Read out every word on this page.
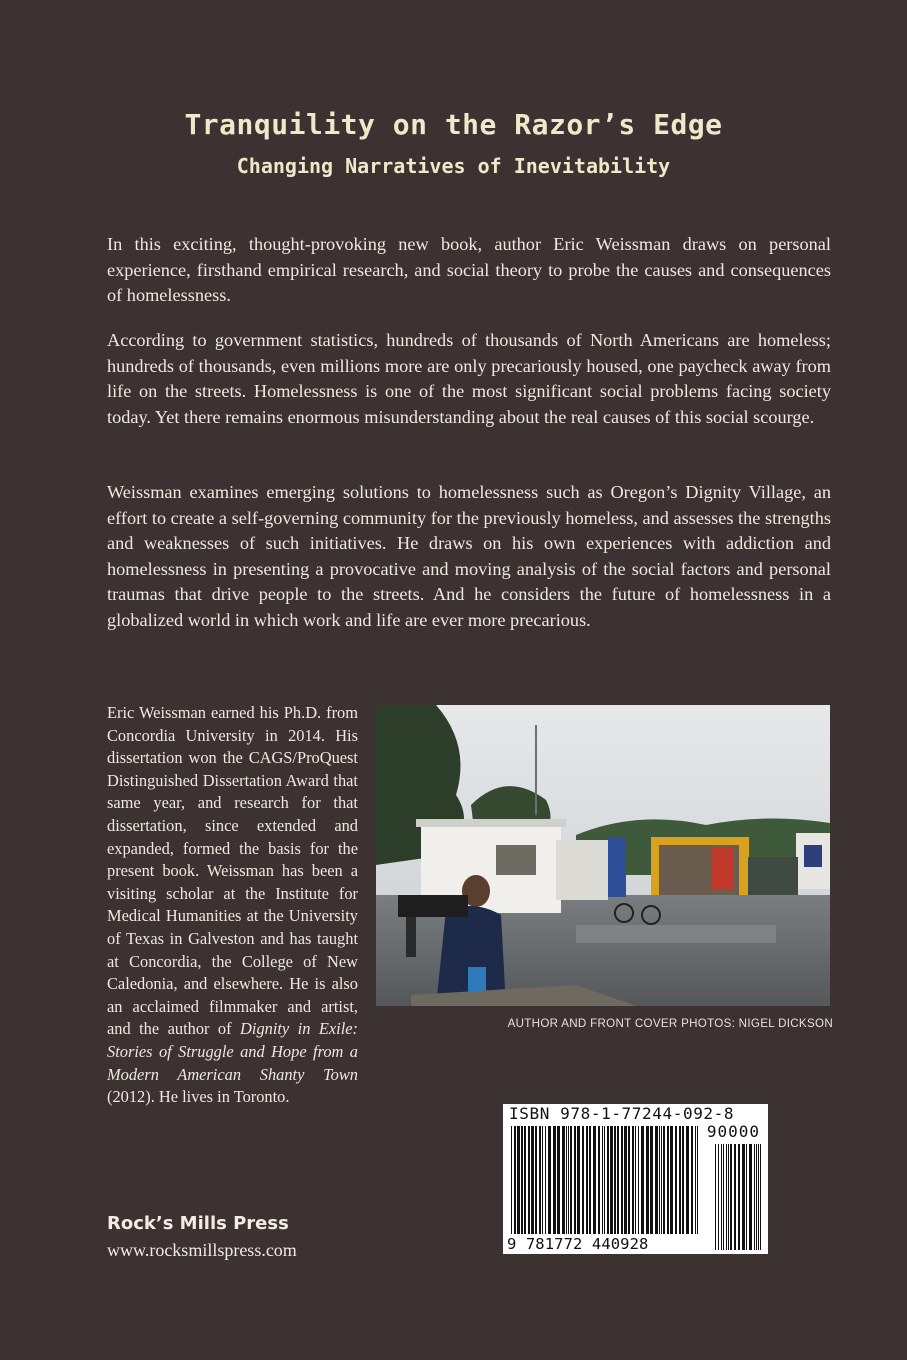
Tranquility on the Razor’s Edge
Changing Narratives of Inevitability

In this exciting, thought-provoking new book, author Eric Weissman draws on personal experience, firsthand empirical research, and social theory to probe the causes and consequences of homelessness.

According to government statistics, hundreds of thousands of North Americans are homeless; hundreds of thousands, even millions more are only precariously housed, one paycheck away from life on the streets. Homelessness is one of the most significant social problems facing society today. Yet there remains enormous misunderstanding about the real causes of this social scourge.

Weissman examines emerging solutions to homelessness such as Oregon’s Dignity Village, an effort to create a self-governing community for the previously homeless, and assesses the strengths and weaknesses of such initiatives. He draws on his own experiences with addiction and homelessness in presenting a provocative and moving analysis of the social factors and personal traumas that drive people to the streets. And he considers the future of homelessness in a globalized world in which work and life are ever more precarious.

Eric Weissman earned his Ph.D. from Concordia University in 2014. His dissertation won the CAGS/ProQuest Distinguished Dissertation Award that same year, and research for that dissertation, since extended and expanded, formed the basis for the present book. Weissman has been a visiting scholar at the Institute for Medical Humanities at the University of Texas in Galveston and has taught at Concordia, the College of New Caledonia, and elsewhere. He is also an acclaimed filmmaker and artist, and the author of Dignity in Exile: Stories of Struggle and Hope from a Modern American Shanty Town (2012). He lives in Toronto.

AUTHOR AND FRONT COVER PHOTOS: NIGEL DICKSON
Rock’s Mills Press
www.rocksmillspress.com
ISBN 978-1-77244-092-8
90000
9 781772 440928
